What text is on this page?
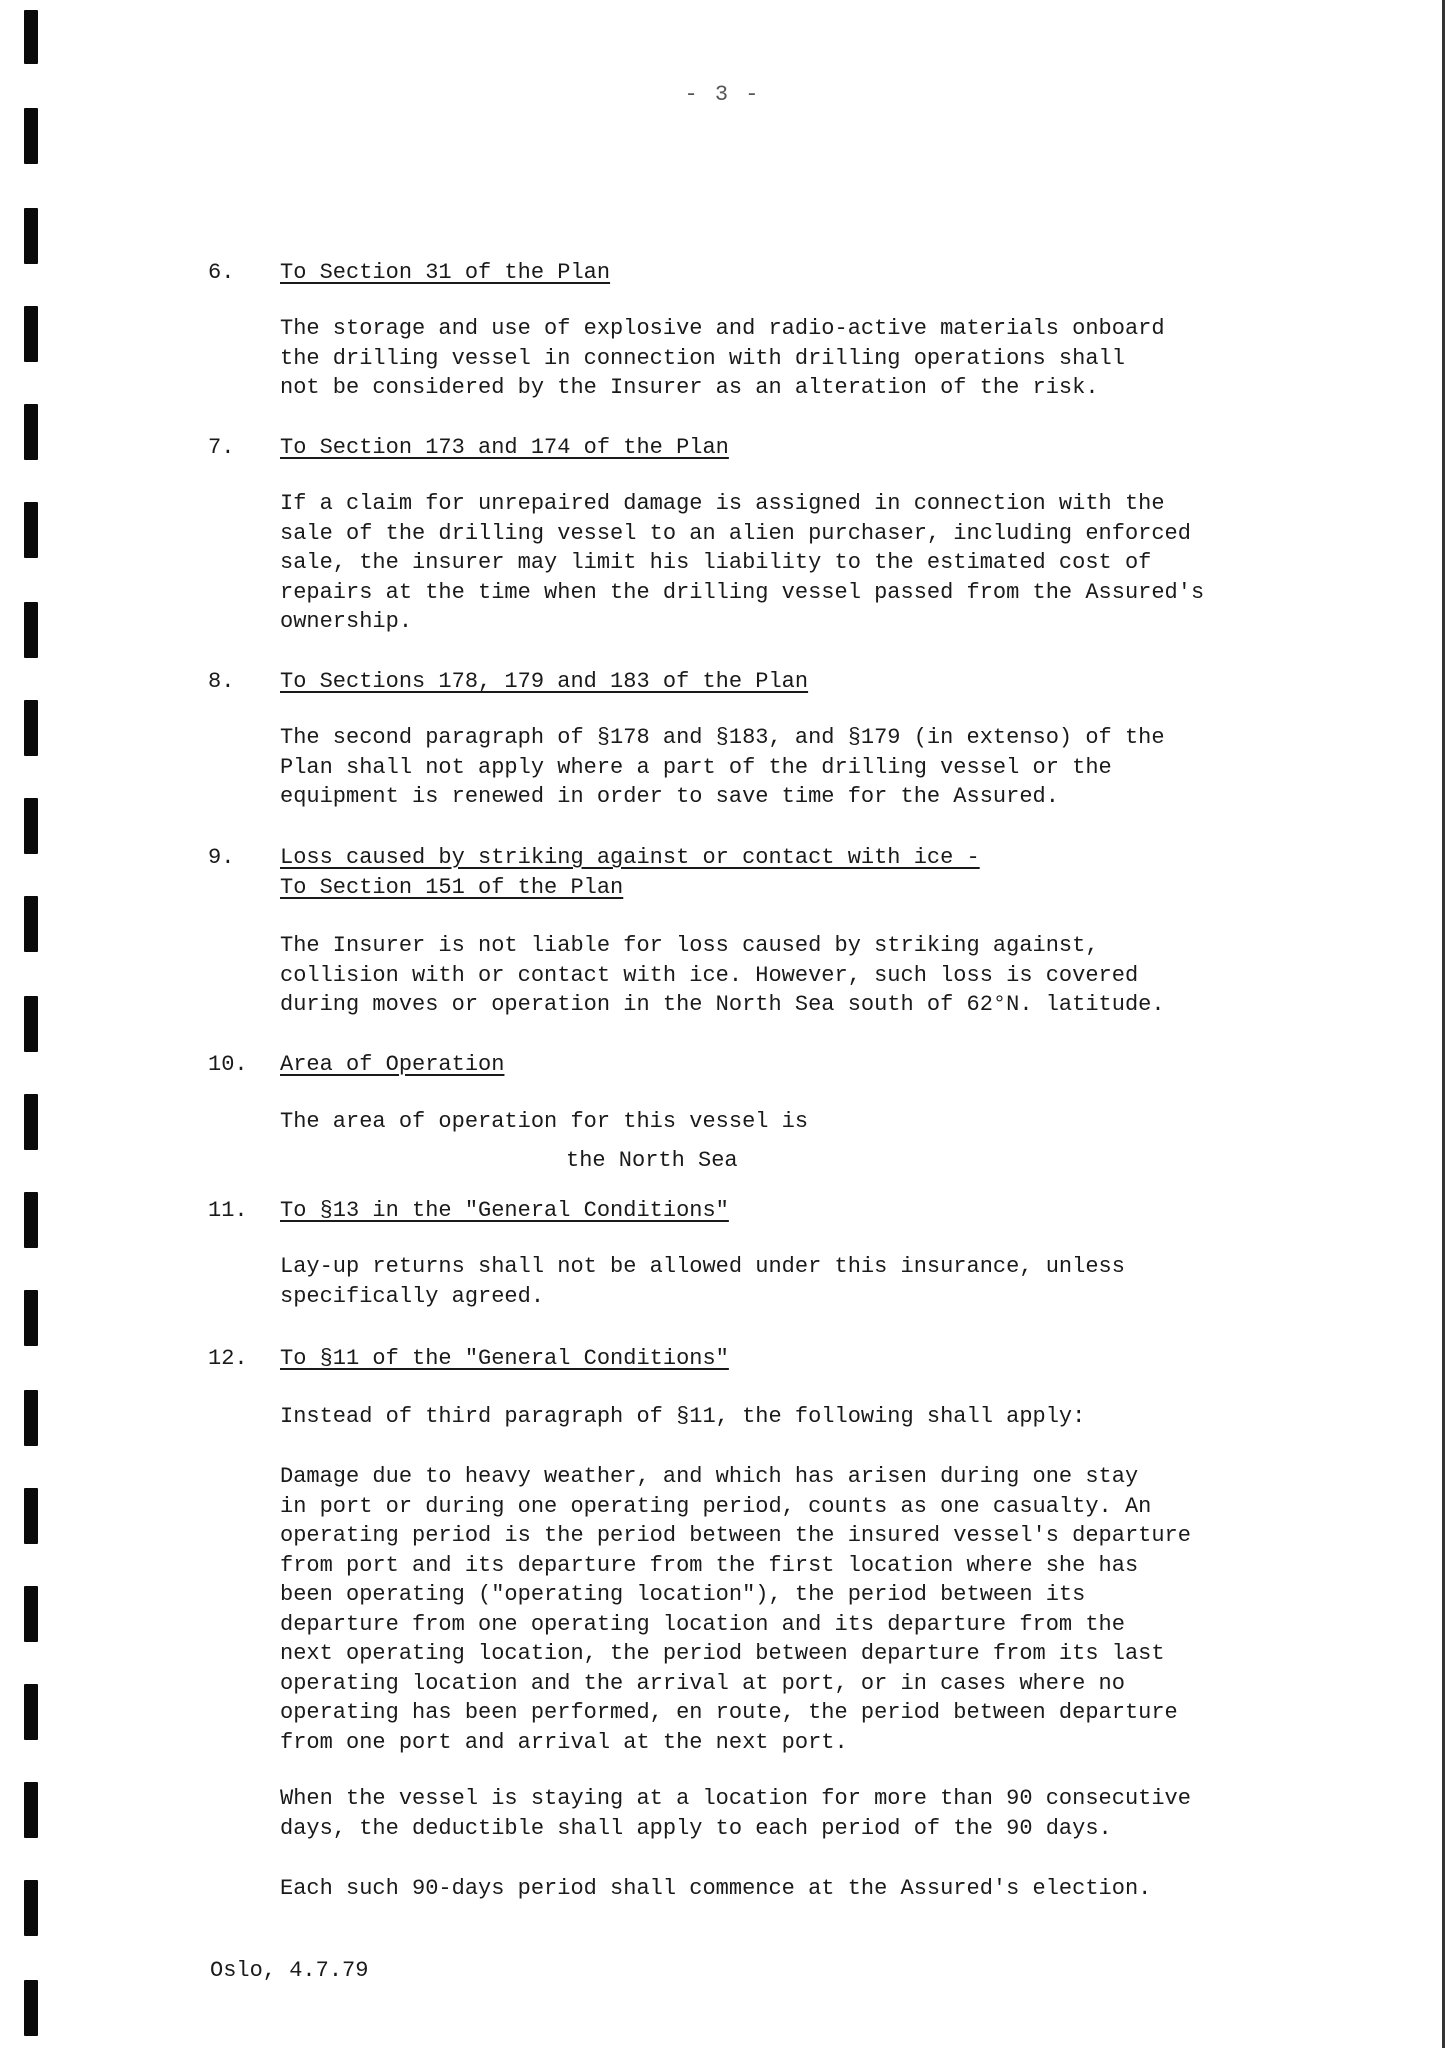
- 3 -
6. To Section 31 of the Plan
The storage and use of explosive and radio-active materials onboard
the drilling vessel in connection with drilling operations shall
not be considered by the Insurer as an alteration of the risk.
7. To Section 173 and 174 of the Plan
If a claim for unrepaired damage is assigned in connection with the
sale of the drilling vessel to an alien purchaser, including enforced
sale, the insurer may limit his liability to the estimated cost of
repairs at the time when the drilling vessel passed from the Assured's
ownership.
8. To Sections 178, 179 and 183 of the Plan
The second paragraph of §178 and §183, and §179 (in extenso) of the
Plan shall not apply where a part of the drilling vessel or the
equipment is renewed in order to save time for the Assured.
9. Loss caused by striking against or contact with ice -
To Section 151 of the Plan
The Insurer is not liable for loss caused by striking against,
collision with or contact with ice. However, such loss is covered
during moves or operation in the North Sea south of 62°N. latitude.
10. Area of Operation
The area of operation for this vessel is
the North Sea
11. To §13 in the "General Conditions"
Lay-up returns shall not be allowed under this insurance, unless
specifically agreed.
12. To §11 of the "General Conditions"
Instead of third paragraph of §11, the following shall apply:
Damage due to heavy weather, and which has arisen during one stay
in port or during one operating period, counts as one casualty. An
operating period is the period between the insured vessel's departure
from port and its departure from the first location where she has
been operating ("operating location"), the period between its
departure from one operating location and its departure from the
next operating location, the period between departure from its last
operating location and the arrival at port, or in cases where no
operating has been performed, en route, the period between departure
from one port and arrival at the next port.
When the vessel is staying at a location for more than 90 consecutive
days, the deductible shall apply to each period of the 90 days.
Each such 90-days period shall commence at the Assured's election.
Oslo, 4.7.79
